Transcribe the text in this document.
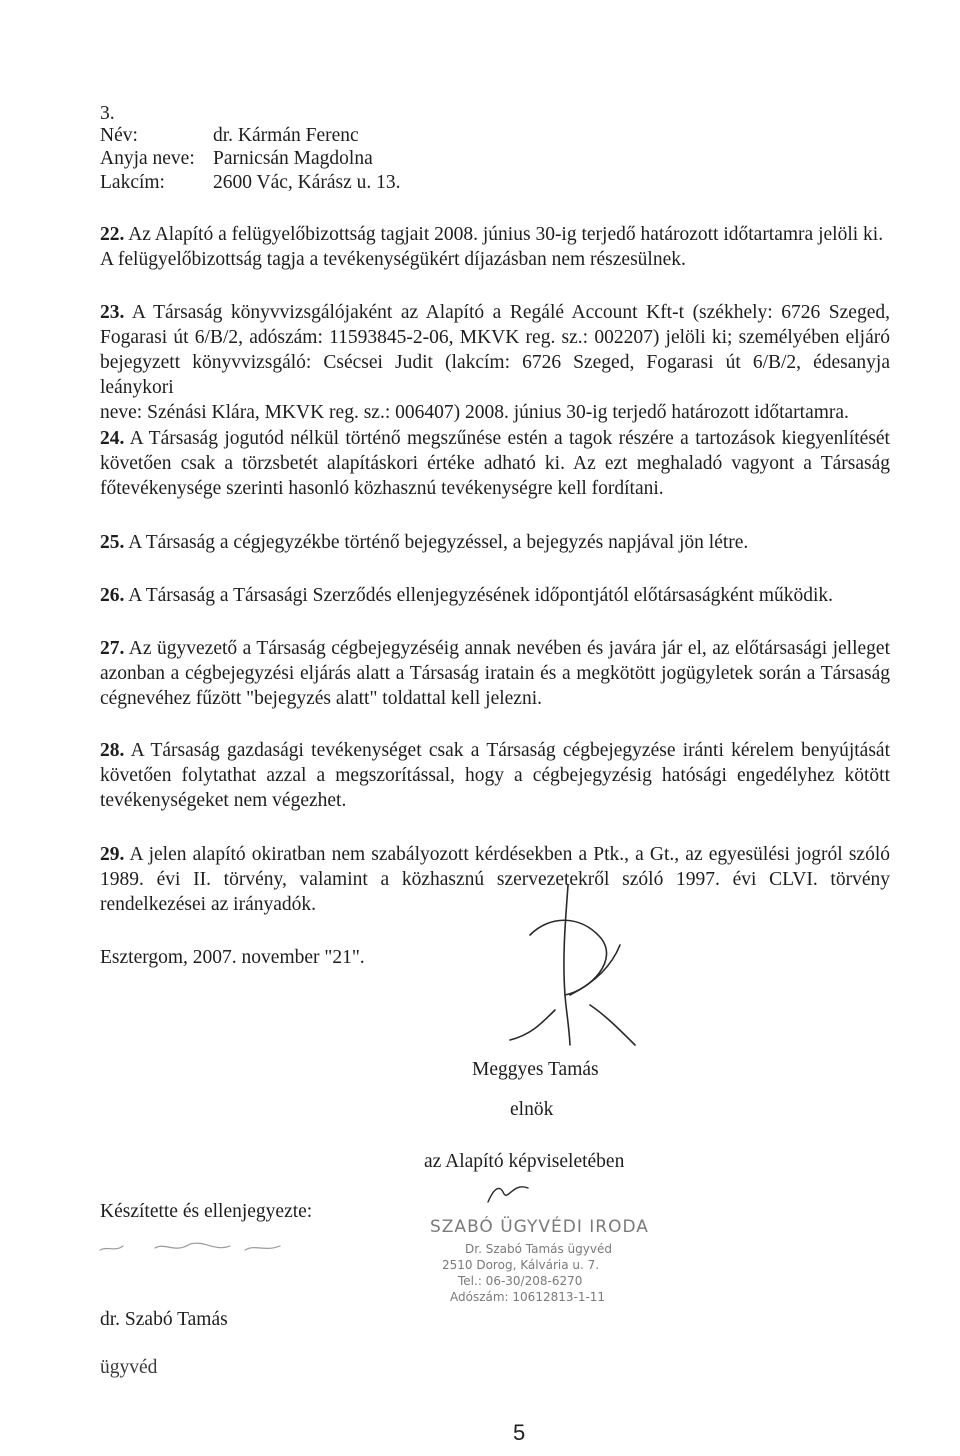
3.
Név:	dr. Kármán Ferenc
Anyja neve: Parnicsán Magdolna
Lakcím: 2600 Vác, Kárász u. 13.

22. Az Alapító a felügyelőbizottság tagjait 2008. június 30-ig terjedő határozott időtartamra jelöli ki.

A felügyelőbizottság tagja a tevékenységükért díjazásban nem részesülnek.

23. A Társaság könyvvizsgálójaként az Alapító a Regálé Account Kft-t (székhely: 6726 Szeged,

Fogarasi út 6/B/2, adószám: 11593845-2-06, MKVK reg. sz.: 002207) jelöli ki; személyében eljáró

bejegyzett könyvvizsgáló: Csécsei Judit (lakcím: 6726 Szeged, Fogarasi út 6/B/2, édesanyja leánykori

neve: Szénási Klára, MKVK reg. sz.: 006407) 2008. június 30-ig terjedő határozott időtartamra.

24. A Társaság jogutód nélkül történő megszűnése estén a tagok részére a tartozások kiegyenlítését

követően csak a törzsbetét alapításkori értéke adható ki. Az ezt meghaladó vagyont a Társaság

főtevékenysége szerinti hasonló közhasznú tevékenységre kell fordítani.

25. A Társaság a cégjegyzékbe történő bejegyzéssel, a bejegyzés napjával jön létre.

26. A Társaság a Társasági Szerződés ellenjegyzésének időpontjától előtársaságként működik.

27. Az ügyvezető a Társaság cégbejegyzéséig annak nevében és javára jár el, az előtársasági jelleget

azonban a cégbejegyzési eljárás alatt a Társaság iratain és a megkötött jogügyletek során a Társaság

cégnevéhez fűzött "bejegyzés alatt" toldattal kell jelezni.

28. A Társaság gazdasági tevékenységet csak a Társaság cégbejegyzése iránti kérelem benyújtását

követően folytathat azzal a megszorítással, hogy a cégbejegyzésig hatósági engedélyhez kötött

tevékenységeket nem végezhet.

29. A jelen alapító okiratban nem szabályozott kérdésekben a Ptk., a Gt., az egyesülési jogról szóló

1989. évi II. törvény, valamint a közhasznú szervezetekről szóló 1997. évi CLVI. törvény

rendelkezései az irányadók.

Esztergom, 2007. november "21".
Meggyes Tamás
elnök
az Alapító képviseletében
Készítette és ellenjegyezte:
dr. Szabó Tamás
ügyvéd
SZABÓ ÜGYVÉDI IRODA
Dr. Szabó Tamás ügyvéd
2510 Dorog, Kálvária u. 7.
Tel.: 06-30/208-6270
Adószám: 10612813-1-11
5
